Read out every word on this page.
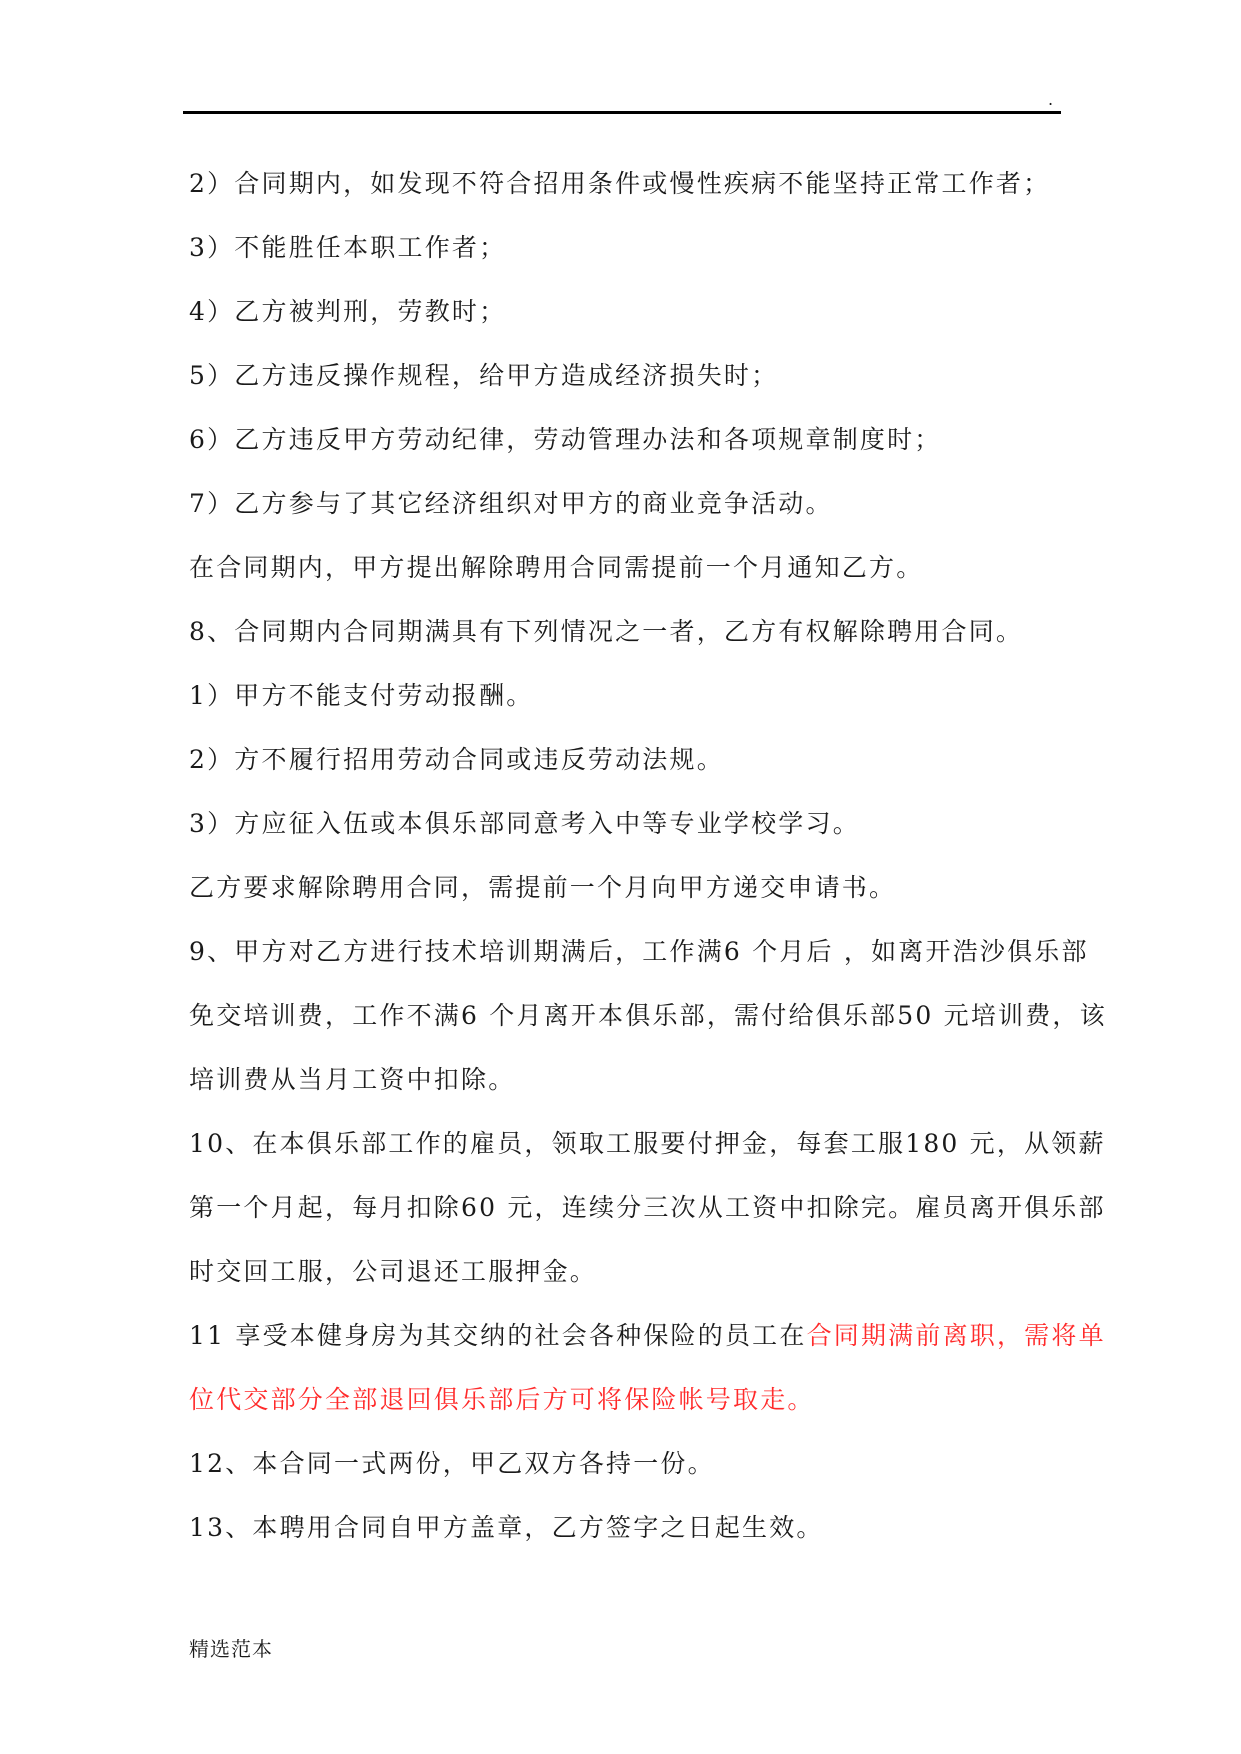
.
2）合同期内，如发现不符合招用条件或慢性疾病不能坚持正常工作者；
3）不能胜任本职工作者；
4）乙方被判刑，劳教时；
5）乙方违反操作规程，给甲方造成经济损失时；
6）乙方违反甲方劳动纪律，劳动管理办法和各项规章制度时；
7）乙方参与了其它经济组织对甲方的商业竞争活动。
在合同期内，甲方提出解除聘用合同需提前一个月通知乙方。
8、合同期内合同期满具有下列情况之一者，乙方有权解除聘用合同。
1）甲方不能支付劳动报酬。
2）方不履行招用劳动合同或违反劳动法规。
3）方应征入伍或本俱乐部同意考入中等专业学校学习。
乙方要求解除聘用合同，需提前一个月向甲方递交申请书。
9、甲方对乙方进行技术培训期满后，工作满6 个月后 ，如离开浩沙俱乐部
免交培训费，工作不满6 个月离开本俱乐部，需付给俱乐部50 元培训费，该
培训费从当月工资中扣除。
10、在本俱乐部工作的雇员，领取工服要付押金，每套工服180 元，从领薪
第一个月起，每月扣除60 元，连续分三次从工资中扣除完。雇员离开俱乐部
时交回工服，公司退还工服押金。
11 享受本健身房为其交纳的社会各种保险的员工在合同期满前离职，需将单
位代交部分全部退回俱乐部后方可将保险帐号取走。
12、本合同一式两份，甲乙双方各持一份。
13、本聘用合同自甲方盖章，乙方签字之日起生效。
精选范本
